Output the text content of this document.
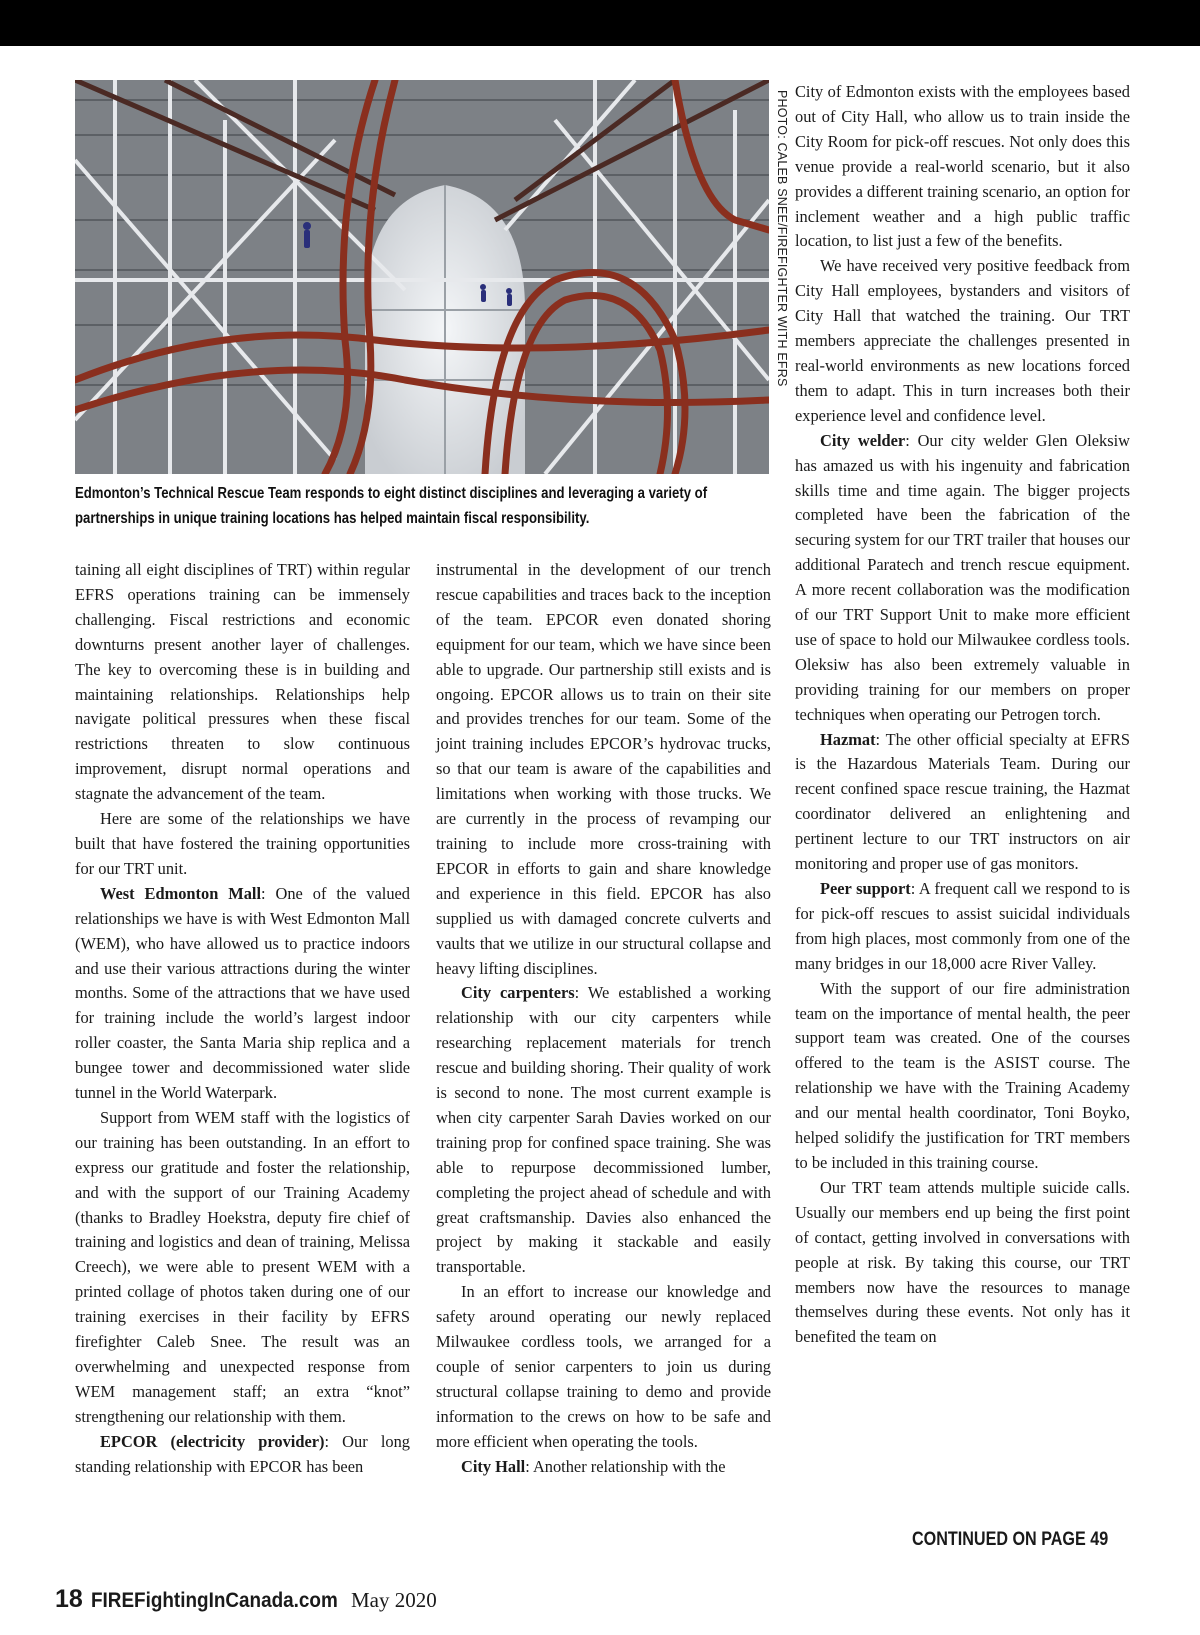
PHOTO: CALEB SNEE/FIREFIGHTER WITH EFRS
Edmonton’s Technical Rescue Team responds to eight distinct disciplines and leveraging a variety of partnerships in unique training locations has helped maintain fiscal responsibility.

taining all eight disciplines of TRT) within regular EFRS operations training can be immensely challenging. Fiscal restrictions and economic downturns present another layer of challenges. The key to overcoming these is in building and maintaining relationships. Relationships help navigate political pressures when these fiscal restrictions threaten to slow continuous improvement, disrupt normal operations and stagnate the advancement of the team.

Here are some of the relationships we have built that have fostered the training opportunities for our TRT unit.

West Edmonton Mall: One of the valued relationships we have is with West Edmonton Mall (WEM), who have allowed us to practice indoors and use their various attractions during the winter months. Some of the attractions that we have used for training include the world’s largest indoor roller coaster, the Santa Maria ship replica and a bungee tower and decommissioned water slide tunnel in the World Waterpark.

Support from WEM staff with the logistics of our training has been outstanding. In an effort to express our gratitude and foster the relationship, and with the support of our Training Academy (thanks to Bradley Hoekstra, deputy fire chief of training and logistics and dean of training, Melissa Creech), we were able to present WEM with a printed collage of photos taken during one of our training exercises in their facility by EFRS firefighter Caleb Snee. The result was an overwhelming and unexpected response from WEM management staff; an extra “knot” strengthening our relationship with them.

EPCOR (electricity provider): Our long standing relationship with EPCOR has been

instrumental in the development of our trench rescue capabilities and traces back to the inception of the team. EPCOR even donated shoring equipment for our team, which we have since been able to upgrade. Our partnership still exists and is ongoing. EPCOR allows us to train on their site and provides trenches for our team. Some of the joint training includes EPCOR’s hydrovac trucks, so that our team is aware of the capabilities and limitations when working with those trucks. We are currently in the process of revamping our training to include more cross-training with EPCOR in efforts to gain and share knowledge and experience in this field. EPCOR has also supplied us with damaged concrete culverts and vaults that we utilize in our structural collapse and heavy lifting disciplines.

City carpenters: We established a working relationship with our city carpenters while researching replacement materials for trench rescue and building shoring. Their quality of work is second to none. The most current example is when city carpenter Sarah Davies worked on our training prop for confined space training. She was able to repurpose decommissioned lumber, completing the project ahead of schedule and with great craftsmanship. Davies also enhanced the project by making it stackable and easily transportable.

In an effort to increase our knowledge and safety around operating our newly replaced Milwaukee cordless tools, we arranged for a couple of senior carpenters to join us during structural collapse training to demo and provide information to the crews on how to be safe and more efficient when operating the tools.

City Hall: Another relationship with the

City of Edmonton exists with the employees based out of City Hall, who allow us to train inside the City Room for pick-off rescues. Not only does this venue provide a real-world scenario, but it also provides a different training scenario, an option for inclement weather and a high public traffic location, to list just a few of the benefits.

We have received very positive feedback from City Hall employees, bystanders and visitors of City Hall that watched the training. Our TRT members appreciate the challenges presented in real-world environments as new locations forced them to adapt. This in turn increases both their experience level and confidence level.

City welder: Our city welder Glen Oleksiw has amazed us with his ingenuity and fabrication skills time and time again. The bigger projects completed have been the fabrication of the securing system for our TRT trailer that houses our additional Paratech and trench rescue equipment. A more recent collaboration was the modification of our TRT Support Unit to make more efficient use of space to hold our Milwaukee cordless tools. Oleksiw has also been extremely valuable in providing training for our members on proper techniques when operating our Petrogen torch.

Hazmat: The other official specialty at EFRS is the Hazardous Materials Team. During our recent confined space rescue training, the Hazmat coordinator delivered an enlightening and pertinent lecture to our TRT instructors on air monitoring and proper use of gas monitors.

Peer support: A frequent call we respond to is for pick-off rescues to assist suicidal individuals from high places, most commonly from one of the many bridges in our 18,000 acre River Valley.

With the support of our fire administration team on the importance of mental health, the peer support team was created. One of the courses offered to the team is the ASIST course. The relationship we have with the Training Academy and our mental health coordinator, Toni Boyko, helped solidify the justification for TRT members to be included in this training course.

Our TRT team attends multiple suicide calls. Usually our members end up being the first point of contact, getting involved in conversations with people at risk. By taking this course, our TRT members now have the resources to manage themselves during these events. Not only has it benefited the team on

CONTINUED ON PAGE 49
18 FIREFightingInCanada.com May 2020
